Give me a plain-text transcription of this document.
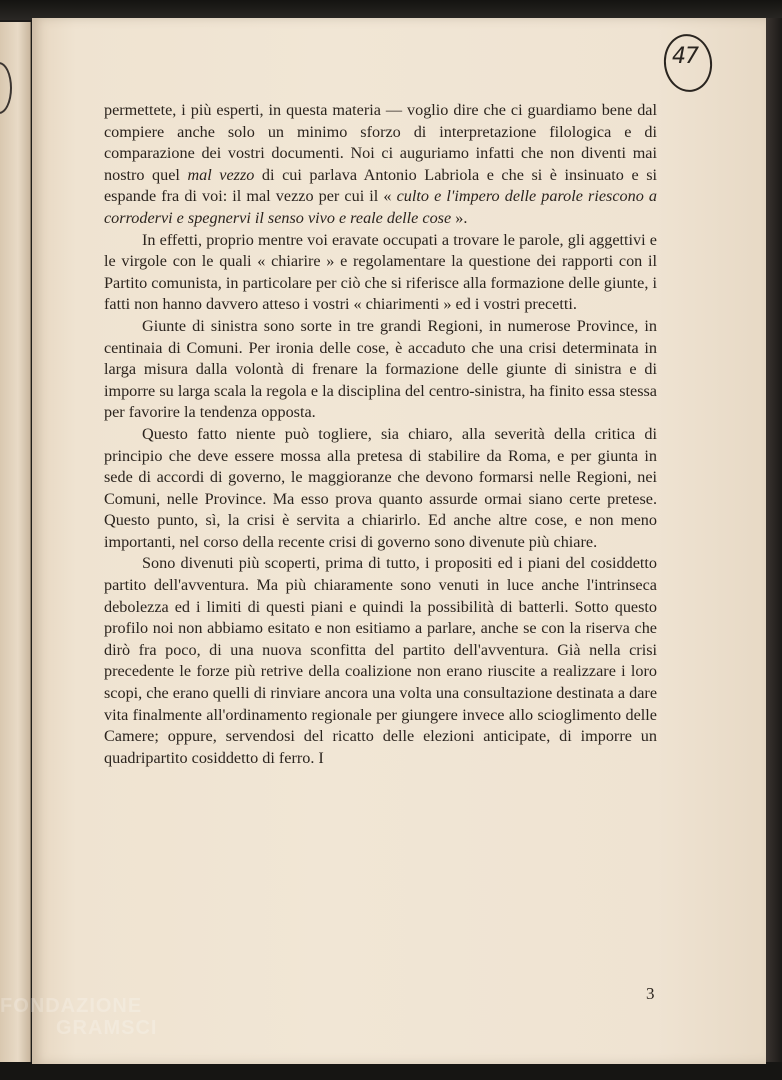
47

permettete, i più esperti, in questa materia — voglio dire che ci guardiamo bene dal compiere anche solo un minimo sforzo di interpretazione filologica e di comparazione dei vostri documenti. Noi ci auguriamo infatti che non diventi mai nostro quel mal vezzo di cui parlava Antonio Labriola e che si è insinuato e si espande fra di voi: il mal vezzo per cui il « culto e l'impero delle parole riescono a corrodervi e spegnervi il senso vivo e reale delle cose ».

In effetti, proprio mentre voi eravate occupati a trovare le parole, gli aggettivi e le virgole con le quali « chiarire » e regolamentare la questione dei rapporti con il Partito comunista, in particolare per ciò che si riferisce alla formazione delle giunte, i fatti non hanno davvero atteso i vostri « chiarimenti » ed i vostri precetti.

Giunte di sinistra sono sorte in tre grandi Regioni, in numerose Province, in centinaia di Comuni. Per ironia delle cose, è accaduto che una crisi determinata in larga misura dalla volontà di frenare la formazione delle giunte di sinistra e di imporre su larga scala la regola e la disciplina del centro-sinistra, ha finito essa stessa per favorire la tendenza opposta.

Questo fatto niente può togliere, sia chiaro, alla severità della critica di principio che deve essere mossa alla pretesa di stabilire da Roma, e per giunta in sede di accordi di governo, le maggioranze che devono formarsi nelle Regioni, nei Comuni, nelle Province. Ma esso prova quanto assurde ormai siano certe pretese. Questo punto, sì, la crisi è servita a chiarirlo. Ed anche altre cose, e non meno importanti, nel corso della recente crisi di governo sono divenute più chiare.

Sono divenuti più scoperti, prima di tutto, i propositi ed i piani del cosiddetto partito dell'avventura. Ma più chiaramente sono venuti in luce anche l'intrinseca debolezza ed i limiti di questi piani e quindi la possibilità di batterli. Sotto questo profilo noi non abbiamo esitato e non esitiamo a parlare, anche se con la riserva che dirò fra poco, di una nuova sconfitta del partito dell'avventura. Già nella crisi precedente le forze più retrive della coalizione non erano riuscite a realizzare i loro scopi, che erano quelli di rinviare ancora una volta una consultazione destinata a dare vita finalmente all'ordinamento regionale per giungere invece allo scioglimento delle Camere; oppure, servendosi del ricatto delle elezioni anticipate, di imporre un quadripartito cosiddetto di ferro. I

3
FONDAZIONE
GRAMSCI
